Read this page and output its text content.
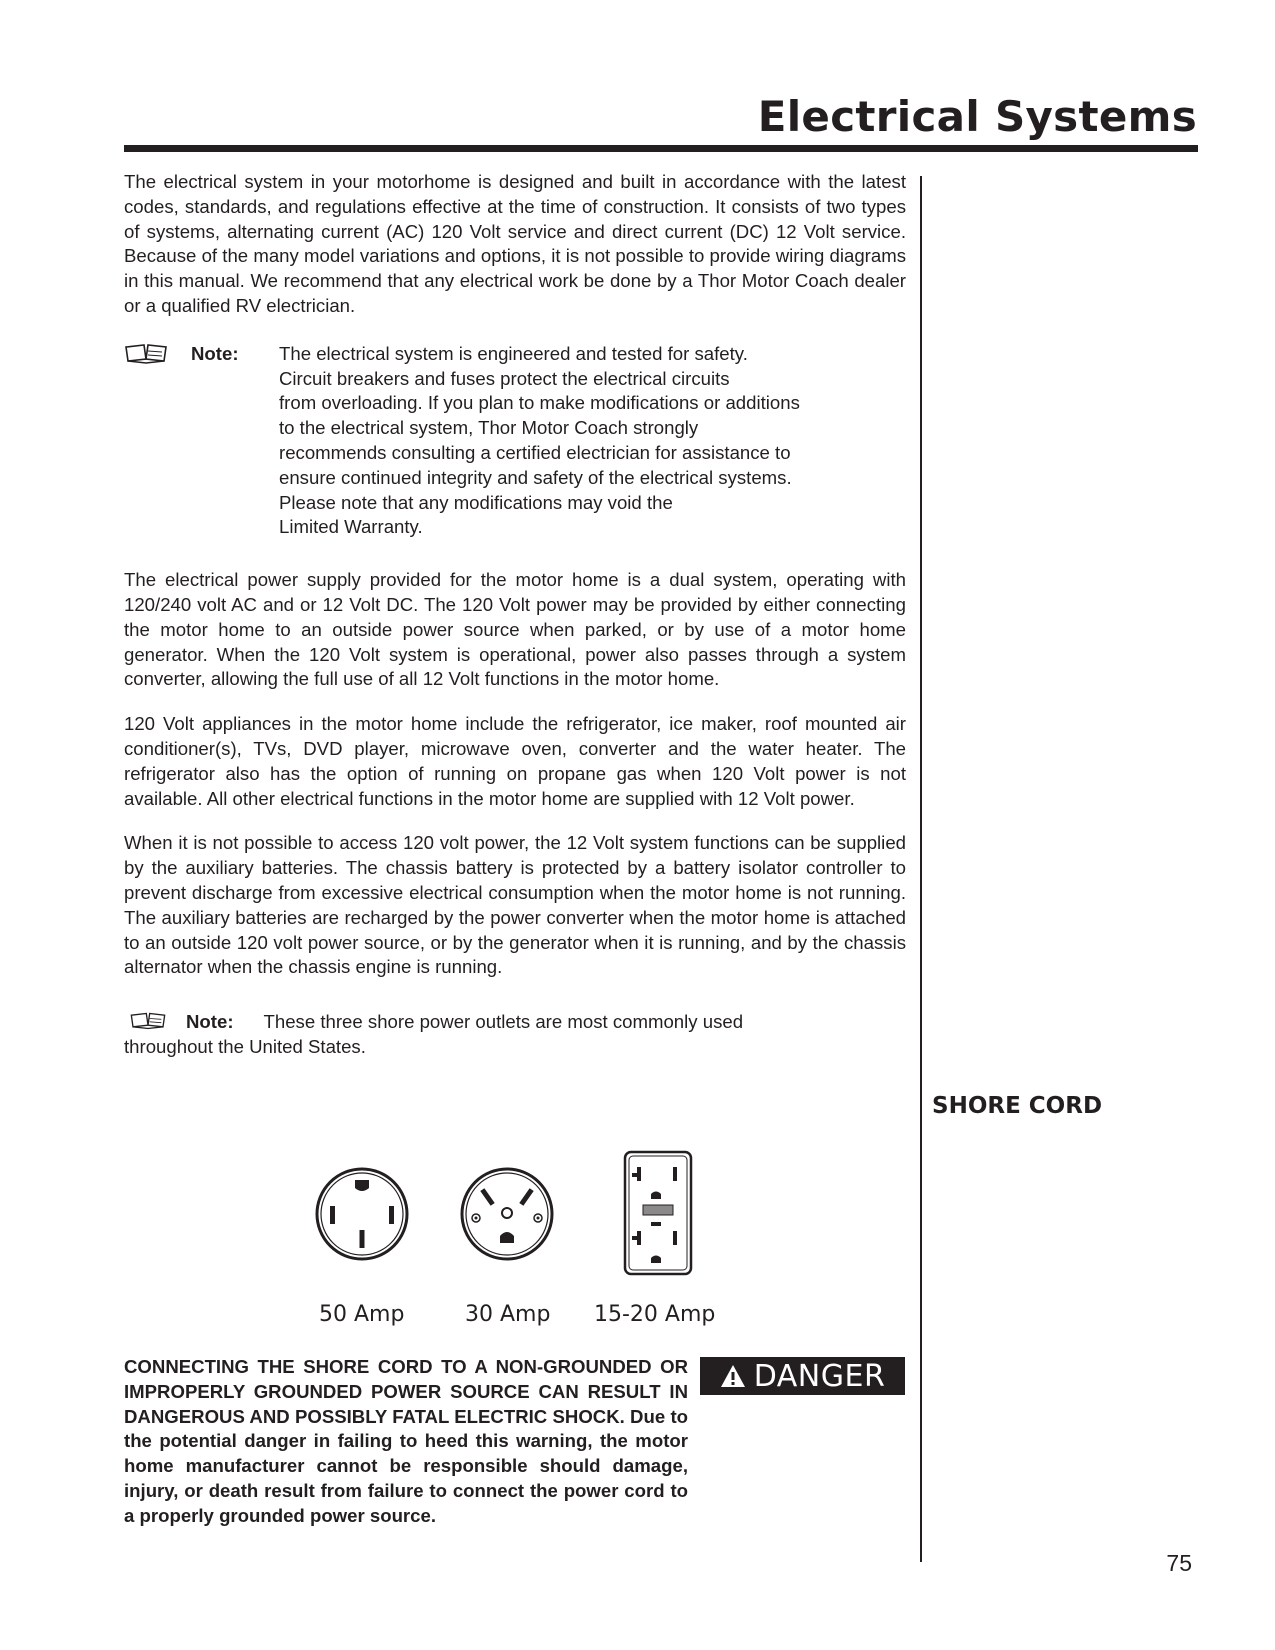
Electrical Systems

The electrical system in your motorhome is designed and built in accordance with the latest codes, standards, and regulations effective at the time of construction. It consists of two types of systems, alternating current (AC) 120 Volt service and direct current (DC) 12 Volt service. Because of the many model variations and options, it is not possible to provide wiring diagrams in this manual. We recommend that any electrical work be done by a Thor Motor Coach dealer or a qualified RV electrician.

Note: The electrical system is engineered and tested for safety.
Circuit breakers and fuses protect the electrical circuits
from overloading. If you plan to make modifications or additions
to the electrical system, Thor Motor Coach strongly
recommends consulting a certified electrician for assistance to
ensure continued integrity and safety of the electrical systems.
Please note that any modifications may void the
Limited Warranty.

The electrical power supply provided for the motor home is a dual system, operating with 120/240 volt AC and or 12 Volt DC. The 120 Volt power may be provided by either connecting the motor home to an outside power source when parked, or by use of a motor home generator. When the 120 Volt system is operational, power also passes through a system converter, allowing the full use of all 12 Volt functions in the motor home.

120 Volt appliances in the motor home include the refrigerator, ice maker, roof mounted air conditioner(s), TVs, DVD player, microwave oven, converter and the water heater. The refrigerator also has the option of running on propane gas when 120 Volt power is not available. All other electrical functions in the motor home are supplied with 12 Volt power.

When it is not possible to access 120 volt power, the 12 Volt system functions can be supplied by the auxiliary batteries. The chassis battery is protected by a battery isolator controller to prevent discharge from excessive electrical consumption when the motor home is not running. The auxiliary batteries are recharged by the power converter when the motor home is attached to an outside 120 volt power source, or by the generator when it is running, and by the chassis alternator when the chassis engine is running.

Note: These three shore power outlets are most commonly used
throughout the United States.

SHORE CORD
50 Amp	30 Amp 15-20 Amp

CONNECTING THE SHORE CORD TO A NON-GROUNDED OR IMPROPERLY GROUNDED POWER SOURCE CAN RESULT IN DANGEROUS AND POSSIBLY FATAL ELECTRIC SHOCK. Due to the potential danger in failing to heed this warning, the motor home manufacturer cannot be responsible should damage, injury, or death result from failure to connect the power cord to a properly grounded power source.

DANGER
75
